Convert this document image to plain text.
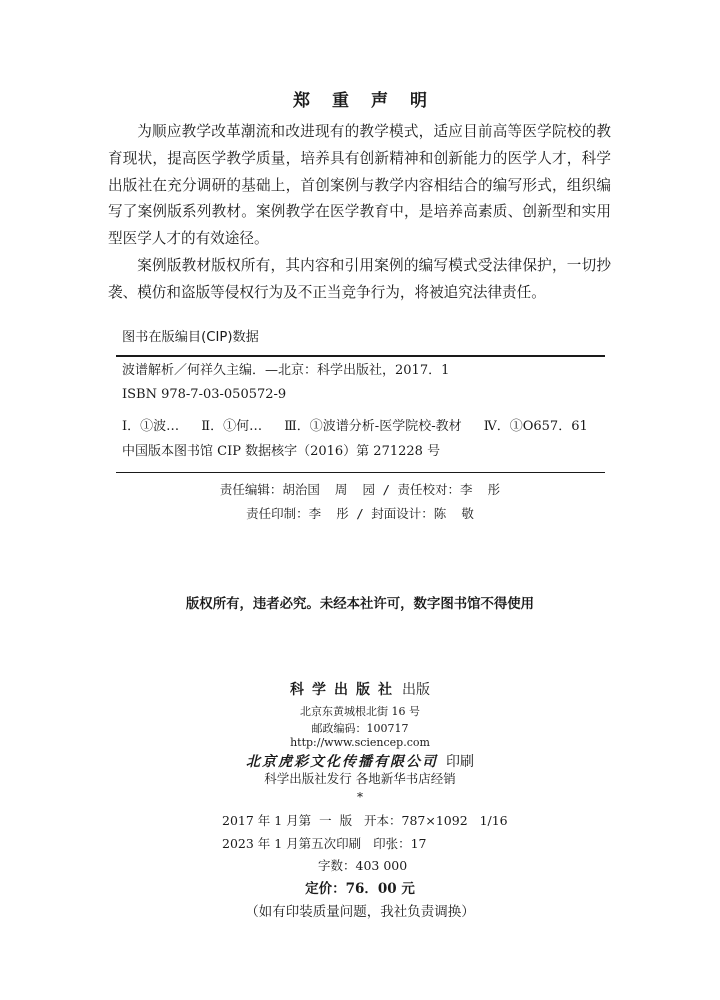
郑重声明

为顺应教学改革潮流和改进现有的教学模式，适应目前高等医学院校的教育现状，提高医学教学质量，培养具有创新精神和创新能力的医学人才，科学出版社在充分调研的基础上，首创案例与教学内容相结合的编写形式，组织编写了案例版系列教材。案例教学在医学教育中，是培养高素质、创新型和实用型医学人才的有效途径。

案例版教材版权所有，其内容和引用案例的编写模式受法律保护，一切抄袭、模仿和盗版等侵权行为及不正当竞争行为，将被追究法律责任。

图书在版编目(CIP)数据
波谱解析／何祥久主编．—北京：科学出版社，2017．1
ISBN 978-7-03-050572-9
Ⅰ．①波… Ⅱ．①何… Ⅲ．①波谱分析-医学院校-教材 Ⅳ．①O657．61
中国版本图书馆 CIP 数据核字（2016）第 271228 号
责任编辑：胡治国  周  园 / 责任校对：李  彤
责任印制：李  彤 / 封面设计：陈  敬
版权所有，违者必究。未经本社许可，数字图书馆不得使用
科学出版社 出版
北京东黄城根北街 16 号
邮政编码：100717
http://www.sciencep.com
北京虎彩文化传播有限公司 印刷
科学出版社发行 各地新华书店经销
*
2017 年 1 月第  一  版   开本：787×1092   1/16
2023 年 1 月第五次印刷   印张：17
字数：403 000
定价：76．00 元
（如有印装质量问题，我社负责调换）
